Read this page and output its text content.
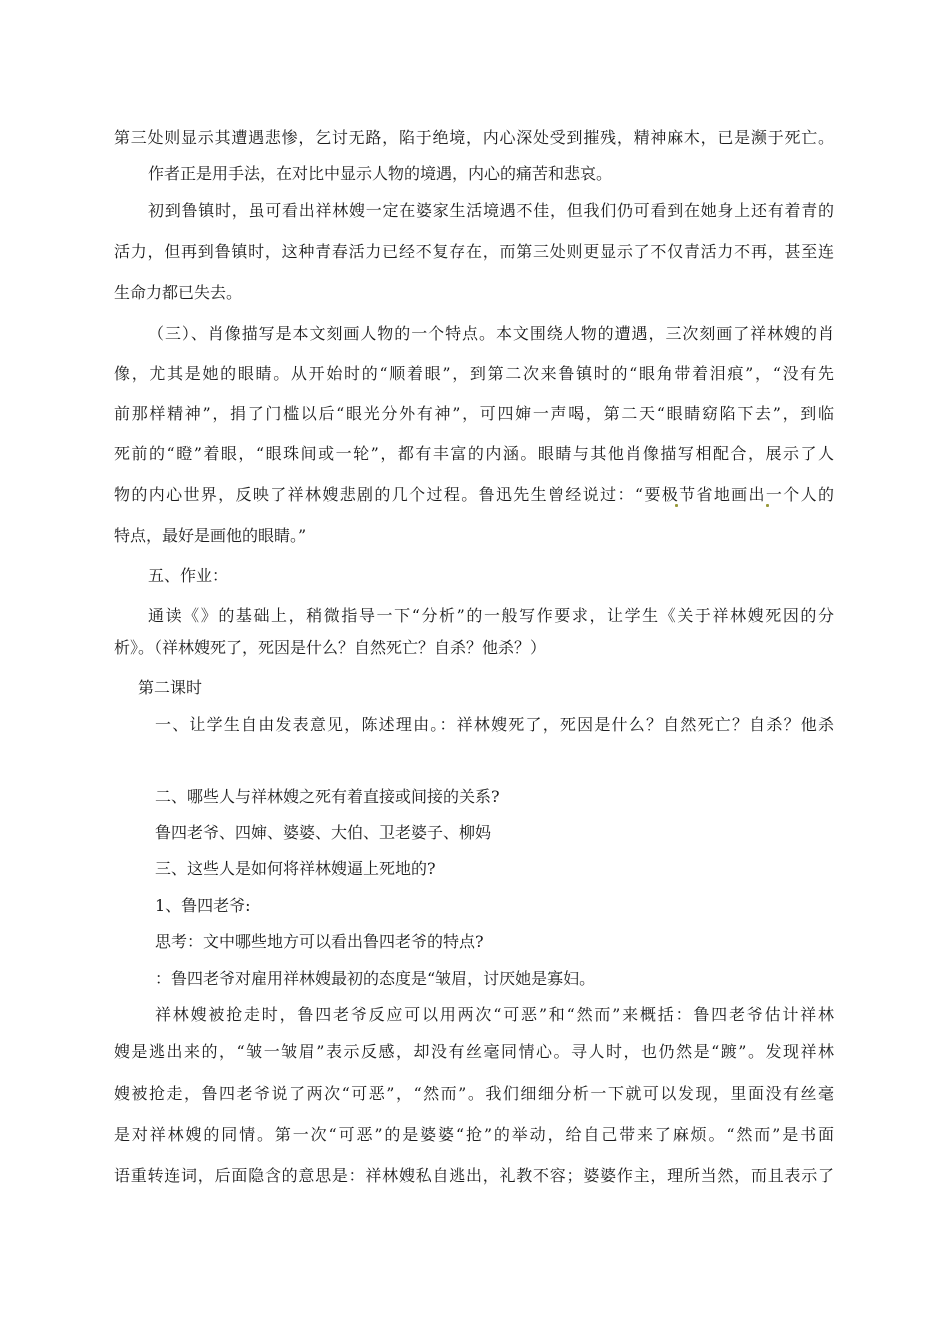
第三处则显示其遭遇悲惨，乞讨无路，陷于绝境，内心深处受到摧残，精神麻木，已是濒于死亡。
作者正是用手法，在对比中显示人物的境遇，内心的痛苦和悲哀。
初到鲁镇时，虽可看出祥林嫂一定在婆家生活境遇不佳，但我们仍可看到在她身上还有着青的
活力，但再到鲁镇时，这种青春活力已经不复存在，而第三处则更显示了不仅青活力不再，甚至连
生命力都已失去。
（三）、肖像描写是本文刻画人物的一个特点。本文围绕人物的遭遇，三次刻画了祥林嫂的肖
像，尤其是她的眼睛。从开始时的“顺着眼”，到第二次来鲁镇时的“眼角带着泪痕”，“没有先
前那样精神”，捐了门槛以后“眼光分外有神”，可四婶一声喝，第二天“眼睛窈陷下去”，到临
死前的“瞪”着眼，“眼珠间或一轮”，都有丰富的内涵。眼睛与其他肖像描写相配合，展示了人
物的内心世界，反映了祥林嫂悲剧的几个过程。鲁迅先生曾经说过：“要极节省地画出一个人的
特点，最好是画他的眼睛。”
五、作业：
通读《》的基础上，稍微指导一下“分析”的一般写作要求，让学生《关于祥林嫂死因的分
析》。（祥林嫂死了，死因是什么？自然死亡？自杀？他杀？）
第二课时
一、让学生自由发表意见，陈述理由。：祥林嫂死了，死因是什么？自然死亡？自杀？他杀
二、哪些人与祥林嫂之死有着直接或间接的关系?
鲁四老爷、四婶、婆婆、大伯、卫老婆子、柳妈
三、这些人是如何将祥林嫂逼上死地的?
1、鲁四老爷:
思考：文中哪些地方可以看出鲁四老爷的特点?
：鲁四老爷对雇用祥林嫂最初的态度是“皱眉，讨厌她是寡妇。
祥林嫂被抢走时，鲁四老爷反应可以用两次“可恶”和“然而”来概括：鲁四老爷估计祥林
嫂是逃出来的，“皱一皱眉”表示反感，却没有丝毫同情心。寻人时，也仍然是“踱”。发现祥林
嫂被抢走，鲁四老爷说了两次“可恶”，“然而”。我们细细分析一下就可以发现，里面没有丝毫
是对祥林嫂的同情。第一次“可恶”的是婆婆“抢”的举动，给自己带来了麻烦。“然而”是书面
语重转连词，后面隐含的意思是：祥林嫂私自逃出，礼教不容；婆婆作主，理所当然，而且表示了
